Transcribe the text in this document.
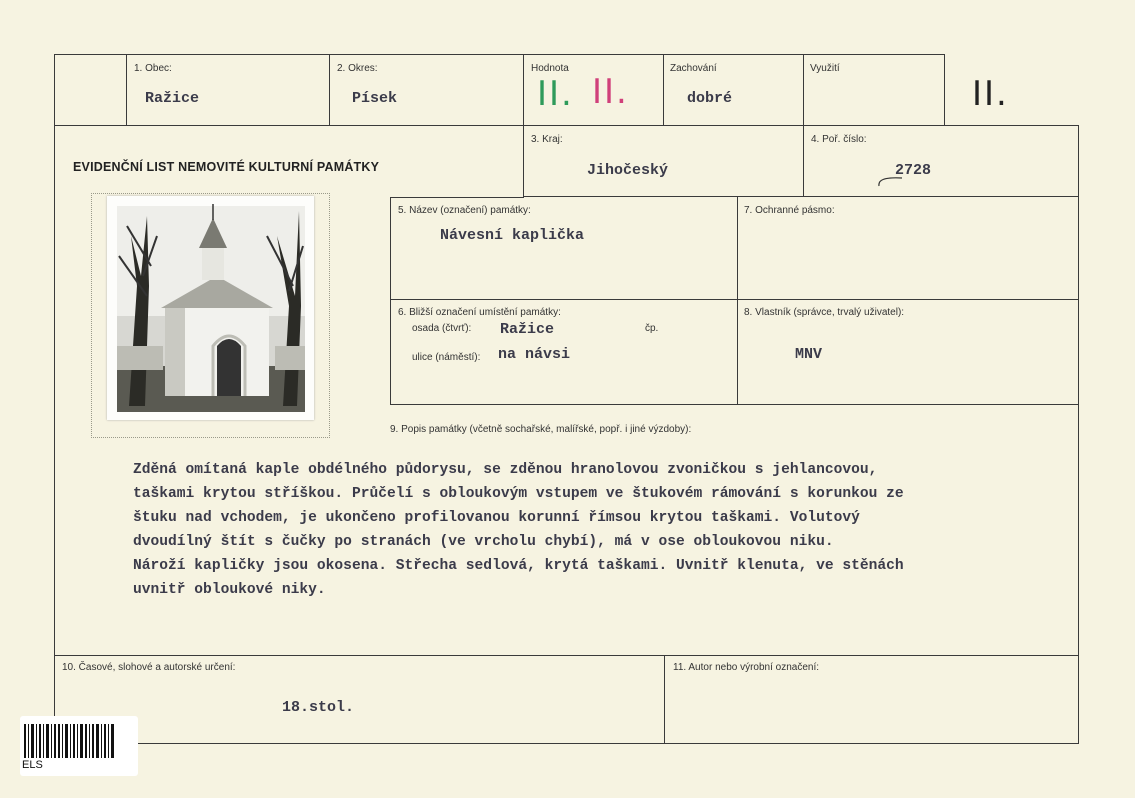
1. Obec:
Ražice
2. Okres:
Písek
Hodnota
II. II.
Zachování
dobré
Využití
II.
EVIDENČNÍ LIST NEMOVITÉ KULTURNÍ PAMÁTKY
3. Kraj:
Jihočeský
4. Poř. číslo:
2728
5. Název (označení) památky:
Návesní kaplička
7. Ochranné pásmo:
6. Bližší označení umístění památky:
osada (čtvrť): Ražice	čp.
ulice (náměstí): na návsi
8. Vlastník (správce, trvalý uživatel):
MNV
9. Popis památky (včetně sochařské, malířské, popř. i jiné výzdoby):
Zděná omítaná kaple obdélného půdorysu, se zděnou hranolovou zvoničkou s jehlancovou,
taškami krytou stříškou. Průčelí s obloukovým vstupem ve štukovém rámování s korunkou ze
štuku nad vchodem, je ukončeno profilovanou korunní římsou krytou taškami. Volutový
dvoudílný štít s čučky po stranách (ve vrcholu chybí), má v ose obloukovou niku.
Nároží kapličky jsou okosena. Střecha sedlová, krytá taškami. Uvnitř klenuta, ve stěnách
uvnitř obloukové niky.
10. Časové, slohové a autorské určení:
18.stol.
11. Autor nebo výrobní označení:
ELS
